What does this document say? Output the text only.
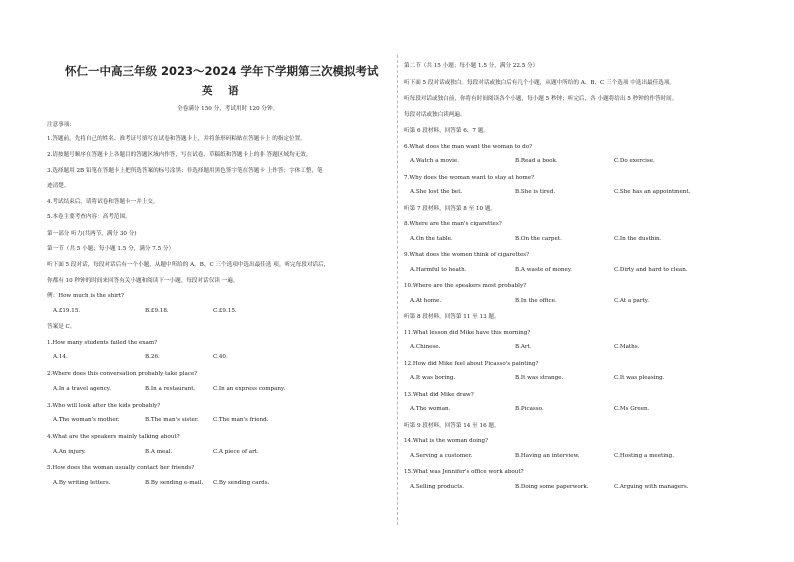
怀仁一中高三年级 2023～2024 学年下学期第三次模拟考试
英 语
全卷满分 150 分，考试用时 120 分钟。
注意事项：
1.答题前，先将自己的姓名、准考证号填写在试卷和答题卡上，并将条形码粘贴在答题卡上 的指定位置。
2.请按题号顺序在答题卡上各题目的答题区域内作答，写在试卷、草稿纸和答题卡上的非 答题区域均无效。
3.选择题用 2B 铅笔在答题卡上把所选答案的标号涂黑；非选择题用黑色签字笔在答题卡 上作答；字体工整，笔
迹清楚。
4.考试结束后，请将试卷和答题卡一并上交。
5.本卷主要考查内容：高考范围。
第一部分 听力(共两节，满分 30 分)
第一节（共 5 小题；每小题 1.5 分，满分 7.5 分）
听下面 5 段对话，每段对话后有一个小题，从题中所给的 A、B、C 三个选项中选出最佳选 项。听完每段对话后，
你都有 10 秒钟的时间来回答有关小题和阅读下一小题。每段对话仅读 一遍。
例：How much is the shirt?
A.£19.15.	B.£9.18.	C.£9.15.
答案是 C。
1.How many students failed the exam?
A.14.	B.26.	C.40.
2.Where does this conversation probably take place?
A.In a travel agency.	B.In a restaurant.	C.In an express company.
3.Who will look after the kids probably?
A.The woman's mother.	B.The man's sister.	C.The man's friend.
4.What are the speakers mainly talking about?
A.An injury.	B.A meal.	C.A piece of art.
5.How does the woman usually contact her friends?
A.By writing letters.	B.By sending e-mail. C.By sending cards.
第二节（共 15 小题；每小题 1.5 分，满分 22.5 分）
听下面 5 段对话或独白。每段对话或独白后有几个小题，从题中所给的 A、B、C 三个选项 中选出最佳选项。
听每段对话或独白前，你将有时间阅读各个小题，每小题 5 秒钟；听完后，各 小题将给出 5 秒钟的作答时间。
每段对话或独白读两遍。
听第 6 段材料，回答第 6、7 题。
6.What does the man want the woman to do?
A.Watch a movie.	B.Read a book.	C.Do exercise.
7.Why does the woman want to stay at home?
A.She lost the bet.	B.She is tired.	C.She has an appointment.
听第 7 段材料，回答第 8 至 10 题。
8.Where are the man's cigarettes?
A.On the table.	B.On the carpet.	C.In the dustbin.
9.What does the women think of cigarettes?
A.Harmful to heath.	B.A waste of money.	C.Dirty and hard to clean.
10.Where are the speakers most probably?
A.At home.	B.In the office.	C.At a party.
听第 8 段材料，回答第 11 至 13 题。
11.What lesson did Mike have this morning?
A.Chinese.	B.Art.	C.Maths.
12.How did Mike feel about Picasso's painting?
A.It was boring.	B.It was strange.	C.It was pleasing.
13.What did Mike draw?
A.The woman.	B.Picasso.	C.Ms Green.
听第 9 段材料，回答第 14 至 16 题。
14.What is the woman doing?
A.Serving a customer.	B.Having an interview.	C.Hosting a meeting.
15.What was Jennifer's office work about?
A.Selling products.	B.Doing some paperwork.	C.Arguing with managers.
